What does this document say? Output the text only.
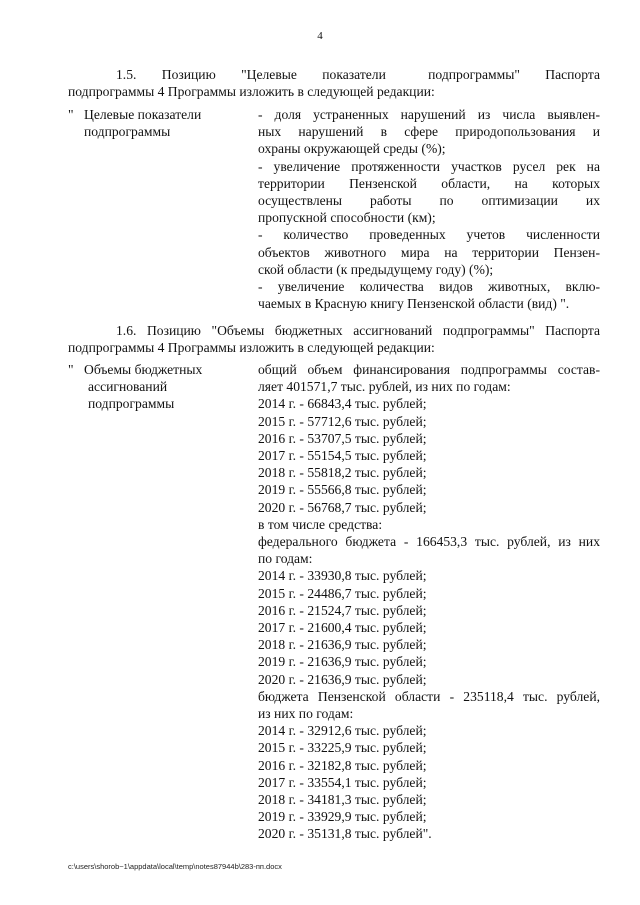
4

1.5.   Позицию   "Целевые   показатели     подпрограммы"   Паспорта

подпрограммы 4 Программы изложить в следующей редакции:

" Целевые показатели
подпрограммы
- доля устраненных нарушений из числа выявлен-
ных нарушений в сфере природопользования и
охраны окружающей среды (%);
- увеличение протяженности участков русел рек на
территории Пензенской области, на которых
осуществлены работы по оптимизации их
пропускной способности (км);
- количество проведенных учетов численности
объектов животного мира на территории Пензен-
ской области (к предыдущему году) (%);
- увеличение количества видов животных, вклю-
чаемых в Красную книгу Пензенской области (вид) ".

1.6. Позицию "Объемы бюджетных ассигнований подпрограммы" Паспорта

подпрограммы 4 Программы изложить в следующей редакции:

" Объемы бюджетных
ассигнований
подпрограммы
общий объем финансирования подпрограммы состав-
ляет 401571,7 тыс. рублей, из них по годам:
2014 г. - 66843,4 тыс. рублей;
2015 г. - 57712,6 тыс. рублей;
2016 г. - 53707,5 тыс. рублей;
2017 г. - 55154,5 тыс. рублей;
2018 г. - 55818,2 тыс. рублей;
2019 г. - 55566,8 тыс. рублей;
2020 г. - 56768,7 тыс. рублей;
в том числе средства:
федерального бюджета - 166453,3 тыс. рублей, из них
по годам:
2014 г. - 33930,8 тыс. рублей;
2015 г. - 24486,7 тыс. рублей;
2016 г. - 21524,7 тыс. рублей;
2017 г. - 21600,4 тыс. рублей;
2018 г. - 21636,9 тыс. рублей;
2019 г. - 21636,9 тыс. рублей;
2020 г. - 21636,9 тыс. рублей;
бюджета Пензенской области - 235118,4 тыс. рублей,
из них по годам:
2014 г. - 32912,6 тыс. рублей;
2015 г. - 33225,9 тыс. рублей;
2016 г. - 32182,8 тыс. рублей;
2017 г. - 33554,1 тыс. рублей;
2018 г. - 34181,3 тыс. рублей;
2019 г. - 33929,9 тыс. рублей;
2020 г. - 35131,8 тыс. рублей".
c:\users\shorob~1\appdata\local\temp\notes87944b\283-пп.docx
